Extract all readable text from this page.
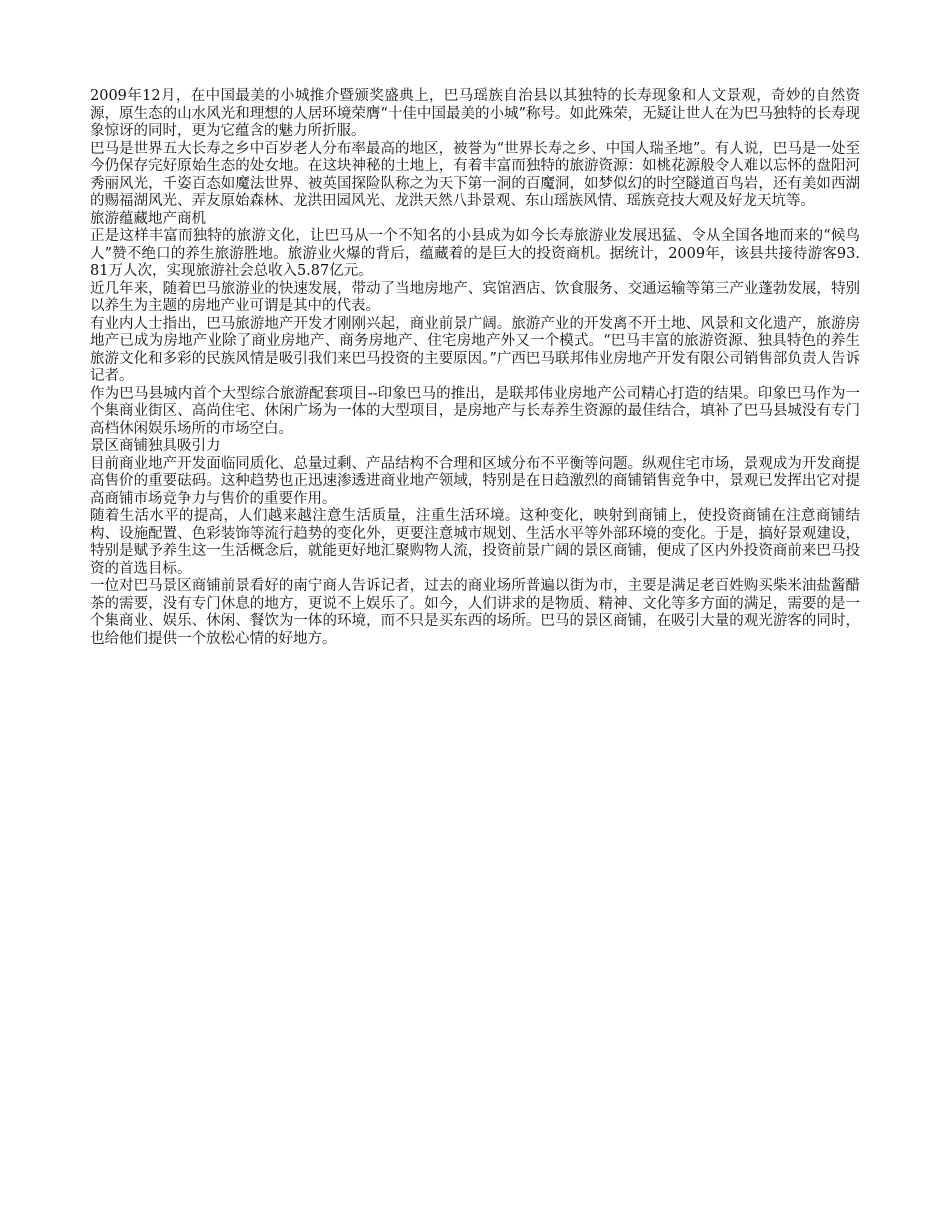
2009年12月，在中国最美的小城推介暨颁奖盛典上，巴马瑶族自治县以其独特的长寿现象和人文景观，奇妙的自然资源，原生态的山水风光和理想的人居环境荣膺“十佳中国最美的小城”称号。如此殊荣，无疑让世人在为巴马独特的长寿现象惊讶的同时，更为它蕴含的魅力所折服。

巴马是世界五大长寿之乡中百岁老人分布率最高的地区，被誉为“世界长寿之乡、中国人瑞圣地”。有人说，巴马是一处至今仍保存完好原始生态的处女地。在这块神秘的土地上，有着丰富而独特的旅游资源：如桃花源般令人难以忘怀的盘阳河秀丽风光，千姿百态如魔法世界、被英国探险队称之为天下第一洞的百魔洞，如梦似幻的时空隧道百鸟岩，还有美如西湖的赐福湖风光、弄友原始森林、龙洪田园风光、龙洪天然八卦景观、东山瑶族风情、瑶族竞技大观及好龙天坑等。

旅游蕴藏地产商机

正是这样丰富而独特的旅游文化，让巴马从一个不知名的小县成为如今长寿旅游业发展迅猛、令从全国各地而来的“候鸟人”赞不绝口的养生旅游胜地。旅游业火爆的背后，蕴藏着的是巨大的投资商机。据统计，2009年，该县共接待游客93.81万人次，实现旅游社会总收入5.87亿元。

近几年来，随着巴马旅游业的快速发展，带动了当地房地产、宾馆酒店、饮食服务、交通运输等第三产业蓬勃发展，特别以养生为主题的房地产业可谓是其中的代表。

有业内人士指出，巴马旅游地产开发才刚刚兴起，商业前景广阔。旅游产业的开发离不开土地、风景和文化遗产，旅游房地产已成为房地产业除了商业房地产、商务房地产、住宅房地产外又一个模式。“巴马丰富的旅游资源、独具特色的养生旅游文化和多彩的民族风情是吸引我们来巴马投资的主要原因。”广西巴马联邦伟业房地产开发有限公司销售部负责人告诉记者。

作为巴马县城内首个大型综合旅游配套项目--印象巴马的推出，是联邦伟业房地产公司精心打造的结果。印象巴马作为一个集商业街区、高尚住宅、休闲广场为一体的大型项目，是房地产与长寿养生资源的最佳结合，填补了巴马县城没有专门高档休闲娱乐场所的市场空白。

景区商铺独具吸引力

目前商业地产开发面临同质化、总量过剩、产品结构不合理和区域分布不平衡等问题。纵观住宅市场，景观成为开发商提高售价的重要砝码。这种趋势也正迅速渗透进商业地产领域，特别是在日趋激烈的商铺销售竞争中，景观已发挥出它对提高商铺市场竞争力与售价的重要作用。

随着生活水平的提高，人们越来越注意生活质量，注重生活环境。这种变化，映射到商铺上，使投资商铺在注意商铺结构、设施配置、色彩装饰等流行趋势的变化外，更要注意城市规划、生活水平等外部环境的变化。于是，搞好景观建设，特别是赋予养生这一生活概念后，就能更好地汇聚购物人流，投资前景广阔的景区商铺，便成了区内外投资商前来巴马投资的首选目标。

一位对巴马景区商铺前景看好的南宁商人告诉记者，过去的商业场所普遍以街为市，主要是满足老百姓购买柴米油盐酱醋茶的需要，没有专门休息的地方，更说不上娱乐了。如今，人们讲求的是物质、精神、文化等多方面的满足，需要的是一个集商业、娱乐、休闲、餐饮为一体的环境，而不只是买东西的场所。巴马的景区商铺，在吸引大量的观光游客的同时，也给他们提供一个放松心情的好地方。
